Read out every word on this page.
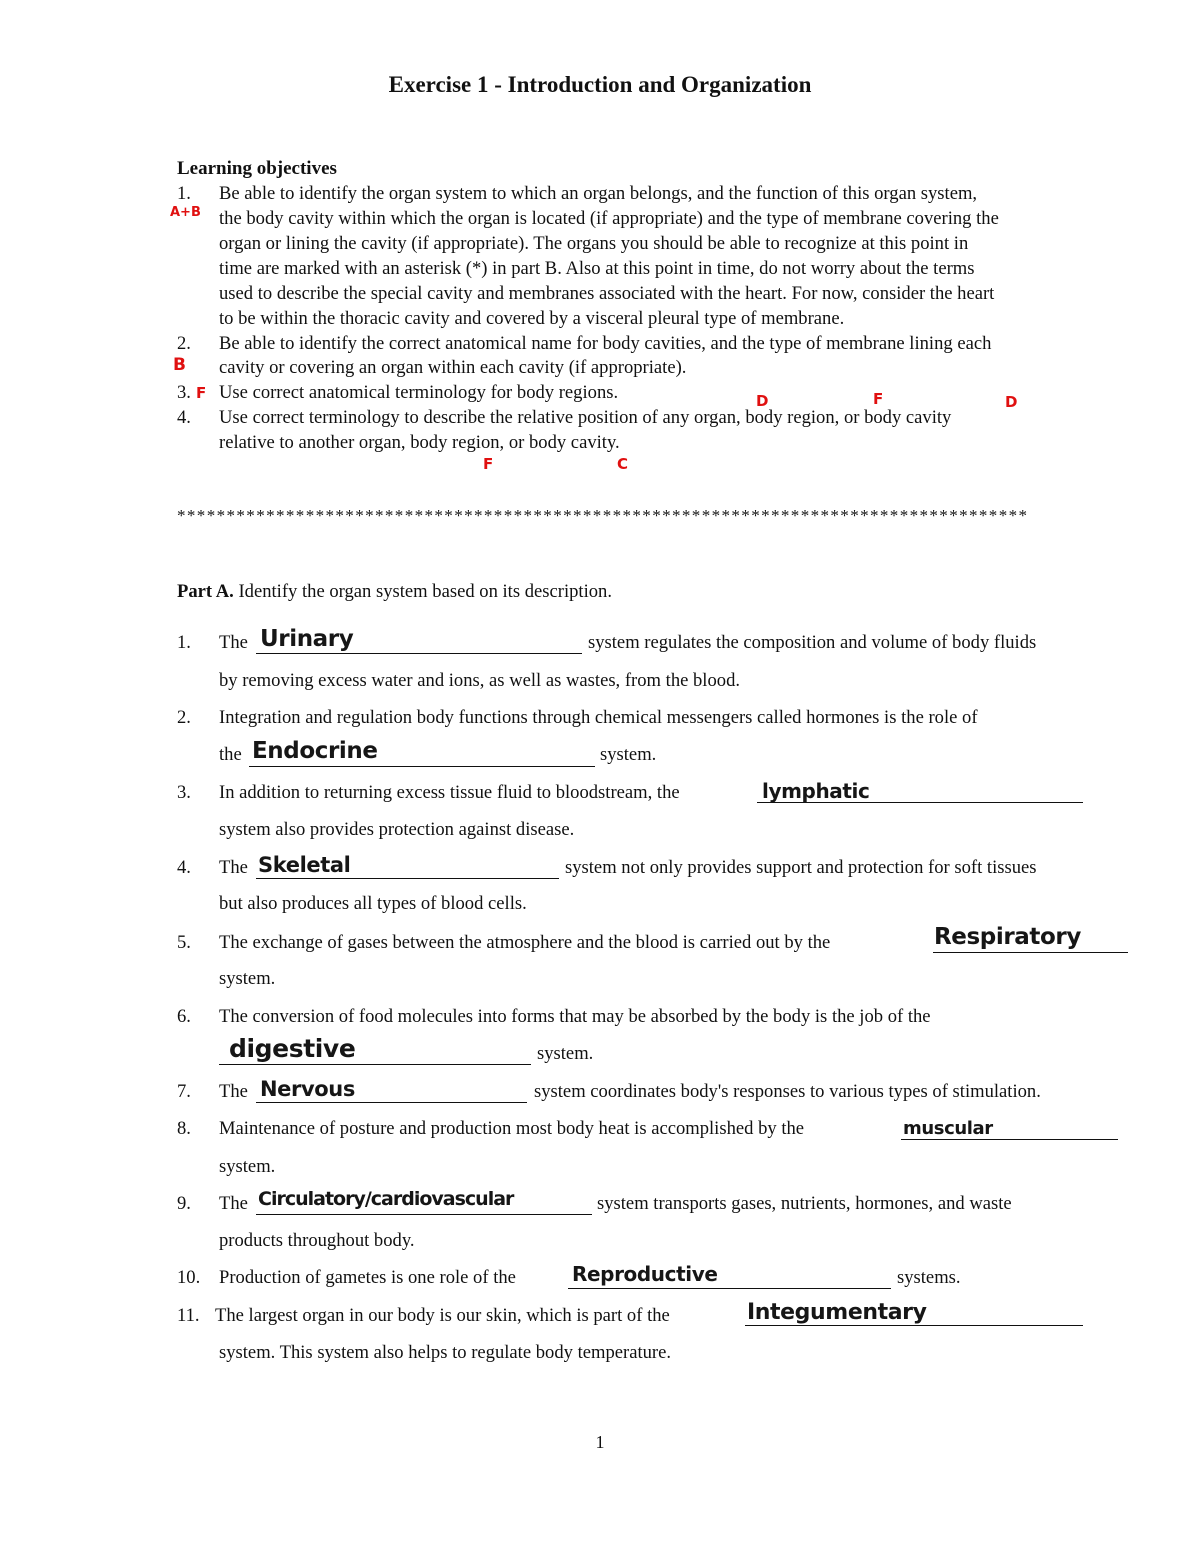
Exercise 1 - Introduction and Organization
Learning objectives
1. Be able to identify the organ system to which an organ belongs, and the function of this organ system,
the body cavity within which the organ is located (if appropriate) and the type of membrane covering the
organ or lining the cavity (if appropriate). The organs you should be able to recognize at this point in
time are marked with an asterisk (*) in part B. Also at this point in time, do not worry about the terms
used to describe the special cavity and membranes associated with the heart. For now, consider the heart
to be within the thoracic cavity and covered by a visceral pleural type of membrane.
2. Be able to identify the correct anatomical name for body cavities, and the type of membrane lining each
cavity or covering an organ within each cavity (if appropriate).
3. Use correct anatomical terminology for body regions.
4. Use correct terminology to describe the relative position of any organ, body region, or body cavity
relative to another organ, body region, or body cavity.
A+B
B
F	D	F	D
F	C
**************************************************************************************
Part A. Identify the organ system based on its description.
1. The Urinary	system regulates the composition and volume of body fluids
by removing excess water and ions, as well as wastes, from the blood.
2. Integration and regulation body functions through chemical messengers called hormones is the role of
the Endocrine	system.
3. In addition to returning excess tissue fluid to bloodstream, the	lymphatic
system also provides protection against disease.
4. The Skeletal	system not only provides support and protection for soft tissues
but also produces all types of blood cells.
5. The exchange of gases between the atmosphere and the blood is carried out by the	Respiratory
system.
6. The conversion of food molecules into forms that may be absorbed by the body is the job of the
digestive	system.
7. The Nervous	system coordinates body's responses to various types of stimulation.
8. Maintenance of posture and production most body heat is accomplished by the	muscular
system.
9. The Circulatory/cardiovascular	system transports gases, nutrients, hormones, and waste
products throughout body.
10. Production of gametes is one role of the	Reproductive	systems.
11. The largest organ in our body is our skin, which is part of the	Integumentary
system. This system also helps to regulate body temperature.
1
